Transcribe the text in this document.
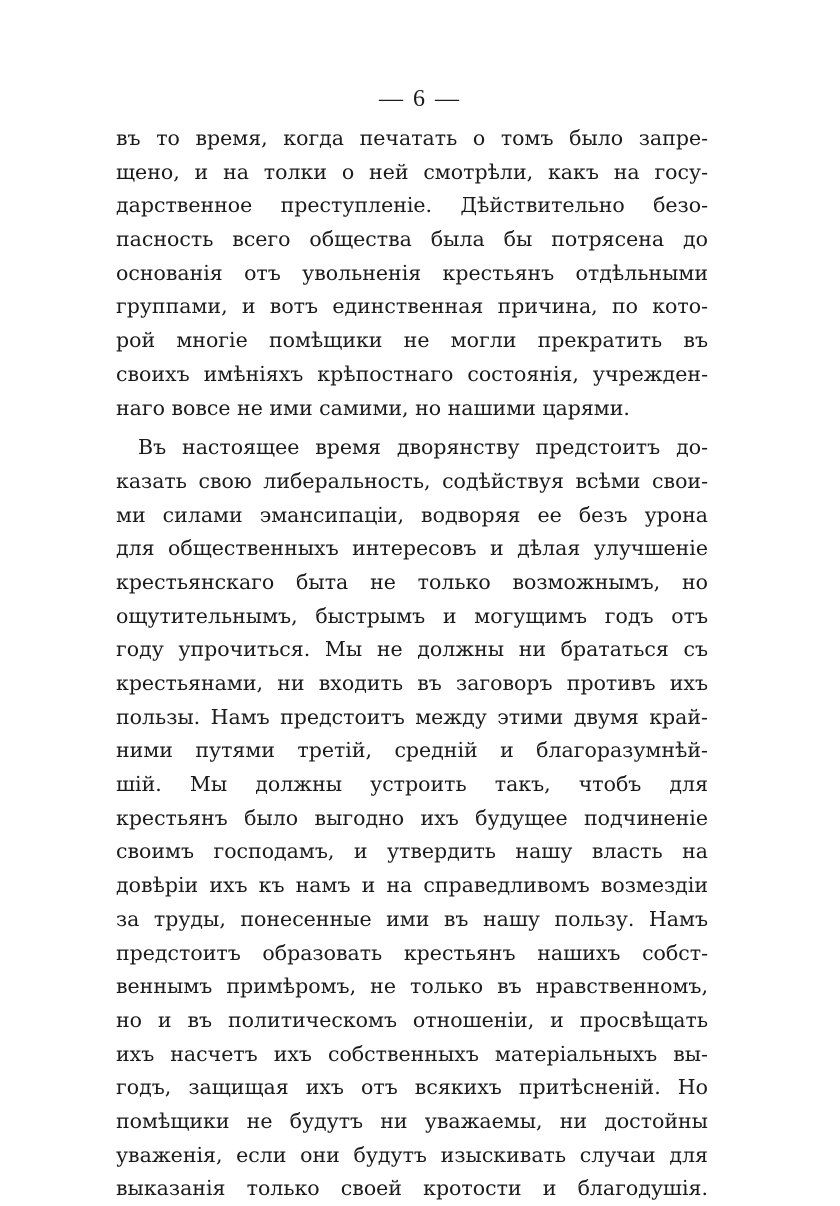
— 6 —
въ то время, когда печатать о томъ было запре-
щено, и на толки о ней смотрѣли, какъ на госу-
дарственное преступленіе. Дѣйствительно безо-
пасность всего общества была бы потрясена до
основанія отъ увольненія крестьянъ отдѣльными
группами, и вотъ единственная причина, по кото-
рой многіе помѣщики не могли прекратить въ
своихъ имѣніяхъ крѣпостнаго состоянія, учрежден-
наго вовсе не ими самими, но нашими царями.
Въ настоящее время дворянству предстоитъ до-
казать свою либеральность, содѣйствуя всѣми свои-
ми силами эмансипаціи, водворяя ее безъ урона
для общественныхъ интересовъ и дѣлая улучшеніе
крестьянскаго быта не только возможнымъ, но
ощутительнымъ, быстрымъ и могущимъ годъ отъ
году упрочиться. Мы не должны ни брататься съ
крестьянами, ни входить въ заговоръ противъ ихъ
пользы. Намъ предстоитъ между этими двумя край-
ними путями третій, средній и благоразумнѣй-
шій. Мы должны устроить такъ, чтобъ для
крестьянъ было выгодно ихъ будущее подчиненіе
своимъ господамъ, и утвердить нашу власть на
довѣріи ихъ къ намъ и на справедливомъ возмездіи
за труды, понесенные ими въ нашу пользу. Намъ
предстоитъ образовать крестьянъ нашихъ собст-
веннымъ примѣромъ, не только въ нравственномъ,
но и въ политическомъ отношеніи, и просвѣщать
ихъ насчетъ ихъ собственныхъ матеріальныхъ вы-
годъ, защищая ихъ отъ всякихъ притѣсненій. Но
помѣщики не будутъ ни уважаемы, ни достойны
уваженія, если они будутъ изыскивать случаи для
выказанія только своей кротости и благодушія.
